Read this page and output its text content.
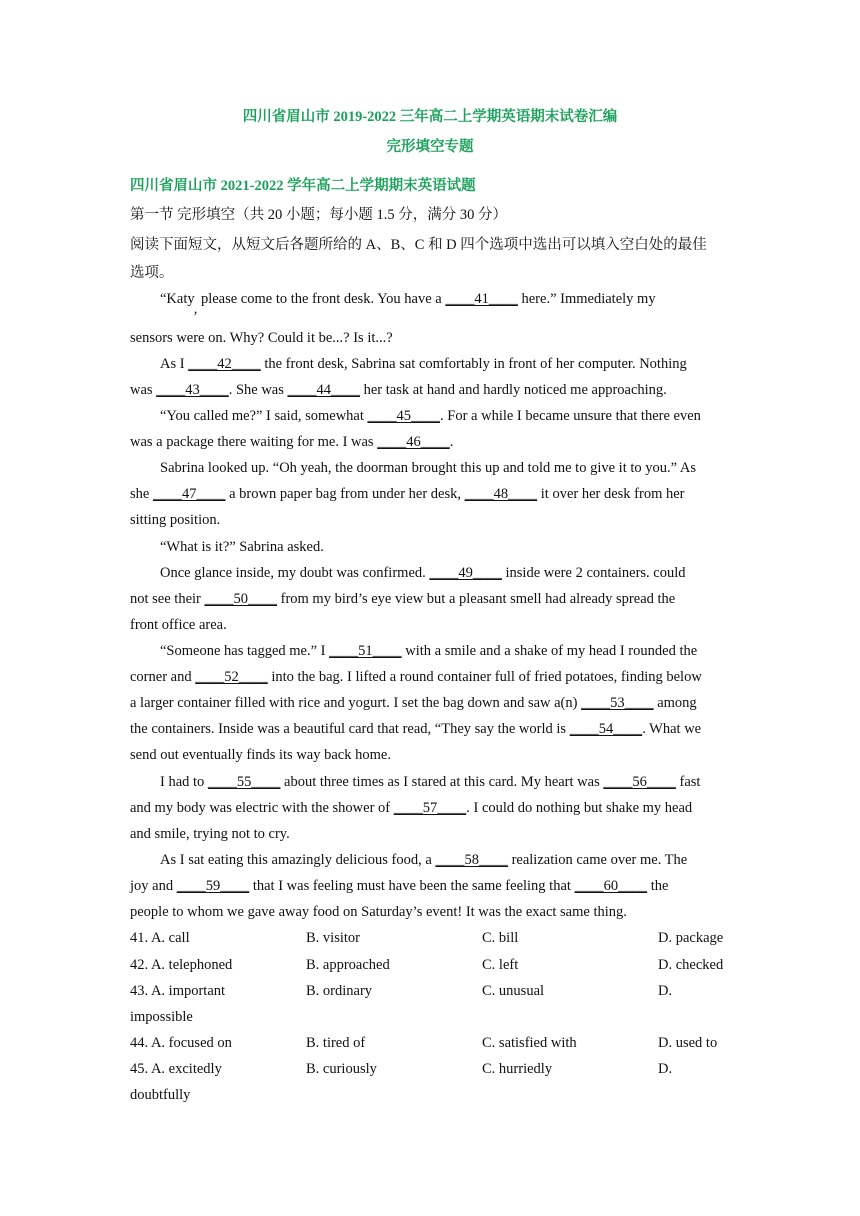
四川省眉山市 2019-2022 三年高二上学期英语期末试卷汇编
完形填空专题
四川省眉山市 2021-2022 学年高二上学期期末英语试题
第一节 完形填空（共 20 小题；每小题 1.5 分，满分 30 分）
阅读下面短文，从短文后各题所给的 A、B、C 和 D 四个选项中选出可以填入空白处的最佳
选项。
“Katy, please come to the front desk. You have a ____41____ here.” Immediately my
sensors were on. Why? Could it be...? Is it...?
As I ____42____ the front desk, Sabrina sat comfortably in front of her computer. Nothing
was ____43____. She was ____44____ her task at hand and hardly noticed me approaching.
“You called me?” I said, somewhat ____45____. For a while I became unsure that there even
was a package there waiting for me. I was ____46____.
Sabrina looked up. “Oh yeah, the doorman brought this up and told me to give it to you.” As
she ____47____ a brown paper bag from under her desk, ____48____ it over her desk from her
sitting position.
“What is it?” Sabrina asked.
Once glance inside, my doubt was confirmed. ____49____ inside were 2 containers. could
not see their ____50____ from my bird’s eye view but a pleasant smell had already spread the
front office area.
“Someone has tagged me.” I ____51____ with a smile and a shake of my head I rounded the
corner and ____52____ into the bag. I lifted a round container full of fried potatoes, finding below
a larger container filled with rice and yogurt. I set the bag down and saw a(n) ____53____ among
the containers. Inside was a beautiful card that read, “They say the world is ____54____. What we
send out eventually finds its way back home.
I had to ____55____ about three times as I stared at this card. My heart was ____56____ fast
and my body was electric with the shower of ____57____. I could do nothing but shake my head
and smile, trying not to cry.
As I sat eating this amazingly delicious food, a ____58____ realization came over me. The
joy and ____59____ that I was feeling must have been the same feeling that ____60____ the
people to whom we gave away food on Saturday’s event! It was the exact same thing.
41. A. call	B. visitor	C. bill	D. package
42. A. telephoned	B. approached	C. left	D. checked
43. A. important	B. ordinary	C. unusual	D.
impossible
44. A. focused on	B. tired of	C. satisfied with	D. used to
45. A. excitedly	B. curiously	C. hurriedly	D.
doubtfully
